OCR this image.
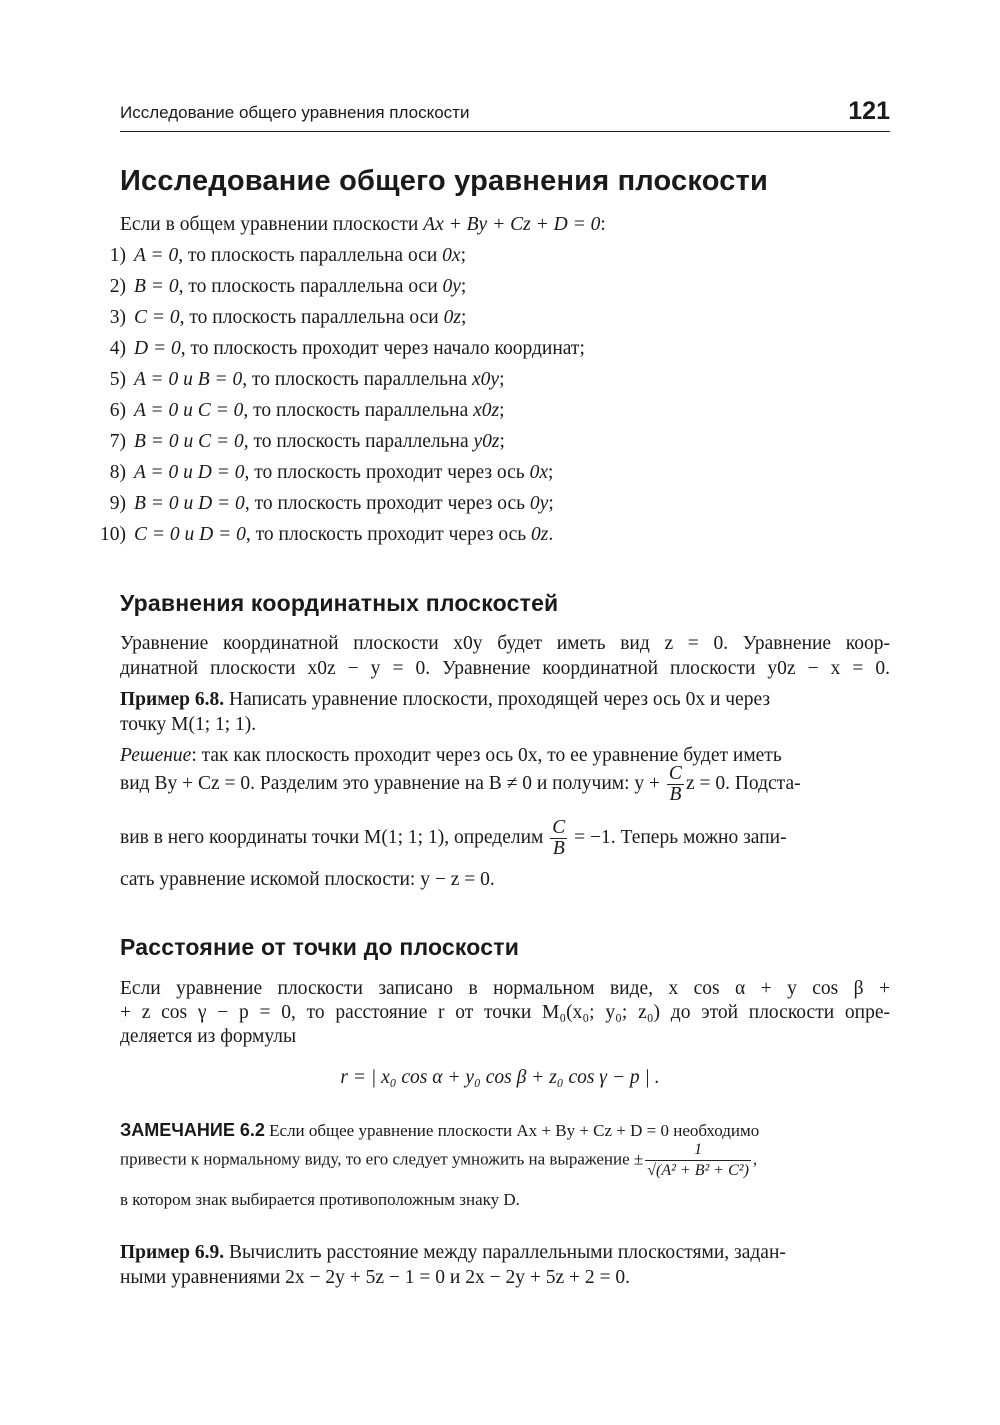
Исследование общего уравнения плоскости	121
Исследование общего уравнения плоскости
Если в общем уравнении плоскости Ax + By + Cz + D = 0:
1) A = 0, то плоскость параллельна оси 0x;
2) B = 0, то плоскость параллельна оси 0y;
3) C = 0, то плоскость параллельна оси 0z;
4) D = 0, то плоскость проходит через начало координат;
5) A = 0 и B = 0, то плоскость параллельна x0y;
6) A = 0 и C = 0, то плоскость параллельна x0z;
7) B = 0 и C = 0, то плоскость параллельна y0z;
8) A = 0 и D = 0, то плоскость проходит через ось 0x;
9) B = 0 и D = 0, то плоскость проходит через ось 0y;
10) C = 0 и D = 0, то плоскость проходит через ось 0z.
Уравнения координатных плоскостей
Уравнение координатной плоскости x0y будет иметь вид z = 0. Уравнение коор-
динатной плоскости x0z − y = 0. Уравнение координатной плоскости y0z − x = 0.
Пример 6.8. Написать уравнение плоскости, проходящей через ось 0x и через
точку M(1; 1; 1).
Решение: так как плоскость проходит через ось 0x, то ее уравнение будет иметь
вид By + Cz = 0. Разделим это уравнение на B ≠ 0 и получим: $y + \frac{C}{B}$ z = 0. Подста-
вив в него координаты точки M(1; 1; 1), определим $\frac{C}{B} = -1$. Теперь можно запи-
сать уравнение искомой плоскости: y − z = 0.
Расстояние от точки до плоскости
Если уравнение плоскости записано в нормальном виде, x cos α + y cos β +
+ z cos γ − p = 0, то расстояние r от точки M₀(x₀; y₀; z₀) до этой плоскости опре-
деляется из формулы
r = | x₀ cos α + y₀ cos β + z₀ cos γ − p | .
ЗАМЕЧАНИЕ 6.2 Если общее уравнение плоскости Ax + By + Cz + D = 0 необходимо
привести к нормальному виду, то его следует умножить на выражение ± $\frac{1}{\text{√(A² + B² + C²)}}$ ,
в котором знак выбирается противоположным знаку D.
Пример 6.9. Вычислить расстояние между параллельными плоскостями, задан-
ными уравнениями 2x − 2y + 5z − 1 = 0 и 2x − 2y + 5z + 2 = 0.
